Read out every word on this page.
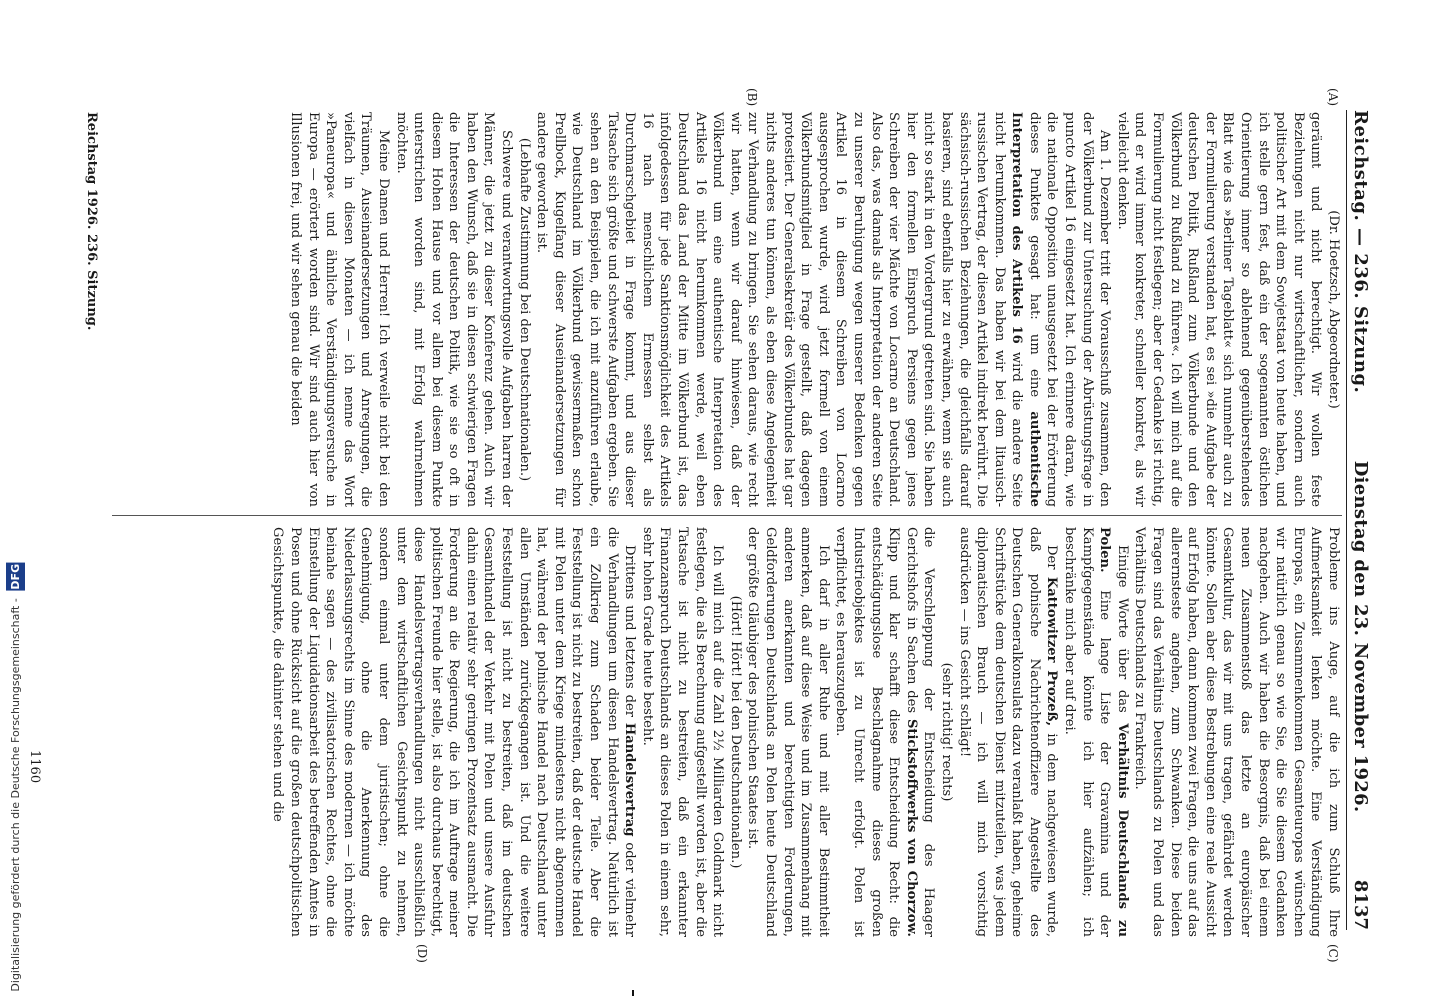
Reichstag. — 236. Sitzung.
Dienstag den 23. November 1926.
8137
(A)
(B)
(C)
(D)

(Dr. Hoetzsch, Abgeordneter.)

geräumt und nicht berechtigt. Wir wollen feste Beziehungen nicht nur wirtschaftlicher, sondern auch politischer Art mit dem Sowjetstaat von heute haben, und ich stelle gern fest, daß ein der sogenannten östlichen Orientierung immer so ablehnend gegenüberstehendes Blatt wie das »Berliner Tageblatt« sich nunmehr auch zu der Formulierung verstanden hat, es sei »die Aufgabe der deutschen Politik, Rußland zum Völkerbunde und den Völkerbund zu Rußland zu führen«. Ich will mich auf die Formulierung nicht festlegen; aber der Gedanke ist richtig, und er wird immer konkreter, schneller konkret, als wir vielleicht denken.

Am 1. Dezember tritt der Vorausschuß zusammen, den der Völkerbund zur Untersuchung der Abrüstungsfrage in puncto Artikel 16 eingesetzt hat. Ich erinnere daran, wie die nationale Opposition unausgesetzt bei der Erörterung dieses Punktes gesagt hat: um eine authentische Interpretation des Artikels 16 wird die andere Seite nicht herumkommen. Das haben wir bei dem litauisch-russischen Vertrag, der diesen Artikel indirekt berührt. Die sächsisch-russischen Beziehungen, die gleichfalls darauf basieren, sind ebenfalls hier zu erwähnen, wenn sie auch nicht so stark in den Vordergrund getreten sind. Sie haben hier den formellen Einspruch Persiens gegen jenes Schreiben der vier Mächte von Locarno an Deutschland. Also das, was damals als Interpretation der anderen Seite zu unserer Beruhigung wegen unserer Bedenken gegen Artikel 16 in diesem Schreiben von Locarno ausgesprochen wurde, wird jetzt formell von einem Völkerbundsmitglied in Frage gestellt, daß dagegen protestiert. Der Generalsekretär des Völkerbundes hat gar nichts anderes tun können, als eben diese Angelegenheit zur Verhandlung zu bringen. Sie sehen daraus, wie recht wir hatten, wenn wir darauf hinwiesen, daß der Völkerbund um eine authentische Interpretation des Artikels 16 nicht herumkommen werde, weil eben Deutschland das Land der Mitte im Völkerbund ist, das infolgedessen für jede Sanktionsmöglichkeit des Artikels 16 nach menschlichem Ermessen selbst als Durchmarschgebiet in Frage kommt, und aus dieser Tatsache sich größte und schwerste Aufgaben ergeben. Sie sehen an den Beispielen, die ich mit anzuführen erlaube, wie Deutschland im Völkerbund gewissermaßen schon Prellbock, Kugelfang dieser Auseinandersetzungen für andere geworden ist.

(Lebhafte Zustimmung bei den Deutschnationalen.)

Schwere und verantwortungsvolle Aufgaben harren der Männer, die jetzt zu dieser Konferenz gehen. Auch wir haben den Wunsch, daß sie in diesen schwierigen Fragen die Interessen der deutschen Politik, wie sie so oft in diesem Hohen Hause und vor allem bei diesem Punkte unterstrichen worden sind, mit Erfolg wahrnehmen möchten.

Meine Damen und Herren! Ich verweile nicht bei den Träumen, Auseinandersetzungen und Anregungen, die vielfach in diesen Monaten — ich nenne das Wort »Paneuropa« und ähnliche Verständigungsversuche in Europa — erörtert worden sind. Wir sind auch hier von Illusionen frei, und wir sehen genau die beiden

Probleme ins Auge, auf die ich zum Schluß Ihre Aufmerksamkeit lenken möchte. Eine Verständigung Europas, ein Zusammenkommen Gesamteuropas wünschen wir natürlich genau so wie Sie, die Sie diesem Gedanken nachgehen. Auch wir haben die Besorgnis, daß bei einem neuen Zusammenstoß das letzte an europäischer Gesamtkultur, das wir mit uns tragen, gefährdet werden könnte. Sollen aber diese Bestrebungen eine reale Aussicht auf Erfolg haben, dann kommen zwei Fragen, die uns auf das allerernsteste angehen, zum Schwanken. Diese beiden Fragen sind das Verhältnis Deutschlands zu Polen und das Verhältnis Deutschlands zu Frankreich.

Einige Worte über das Verhältnis Deutschlands zu Polen. Eine lange Liste der Gravamina und der Kampfgegenstände könnte ich hier aufzählen; ich beschränke mich aber auf drei.

Der Kattowitzer Prozeß, in dem nachgewiesen wurde, daß polnische Nachrichtenoffiziere Angestellte des Deutschen Generalkonsulats dazu veranlaßt haben, geheime Schriftstücke dem deutschen Dienst mitzuteilen, was jedem diplomatischen Brauch — ich will mich vorsichtig ausdrücken — ins Gesicht schlägt!

(sehr richtig! rechts)

die Verschleppung der Entscheidung des Haager Gerichtshofs in Sachen des Stickstoffwerks von Chorzow. Klipp und klar schafft diese Entscheidung Recht: die entschädigungslose Beschlagnahme dieses großen Industrieobjektes ist zu Unrecht erfolgt. Polen ist verpflichtet, es herauszugeben.

Ich darf in aller Ruhe und mit aller Bestimmtheit anmerken, daß auf diese Weise und im Zusammenhang mit anderen anerkannten und berechtigten Forderungen, Geldforderungen Deutschlands an Polen heute Deutschland der größte Gläubiger des polnischen Staates ist.

(Hört! Hört! bei den Deutschnationalen.)

Ich will mich auf die Zahl 2½ Milliarden Goldmark nicht festlegen, die als Berechnung aufgestellt worden ist, aber die Tatsache ist nicht zu bestreiten, daß ein erkannter Finanzanspruch Deutschlands an dieses Polen in einem sehr, sehr hohen Grade heute besteht.

Drittens und letztens der Handelsvertrag oder vielmehr die Verhandlungen um diesen Handelsvertrag. Natürlich ist ein Zollkrieg zum Schaden beider Teile. Aber die Feststellung ist nicht zu bestreiten, daß der deutsche Handel mit Polen unter dem Kriege mindestens nicht abgenommen hat, während der polnische Handel nach Deutschland unter allen Umständen zurückgegangen ist. Und die weitere Feststellung ist nicht zu bestreiten, daß im deutschen Gesamthandel der Verkehr mit Polen und unsere Ausfuhr dahin einen relativ sehr geringen Prozentsatz ausmacht. Die Forderung an die Regierung, die ich im Auftrage meiner politischen Freunde hier stelle, ist also durchaus berechtigt, diese Handelsvertragsverhandlungen nicht ausschließlich unter dem wirtschaftlichen Gesichtspunkt zu nehmen, sondern einmal unter dem juristischen; ohne die Genehmigung, ohne die Anerkennung des Niederlassungsrechts im Sinne des modernen — ich möchte beinahe sagen — des zivilisatorischen Rechtes, ohne die Einstellung der Liquidationsarbeit des betreffenden Amtes in Posen und ohne Rücksicht auf die großen deutschpolitischen Gesichtspunkte, die dahinter stehen und die

Reichstag 1926. 236. Sitzung.
1160
Digitalisierung gefördert durch die Deutsche Forschungsgemeinschaft - DFG
